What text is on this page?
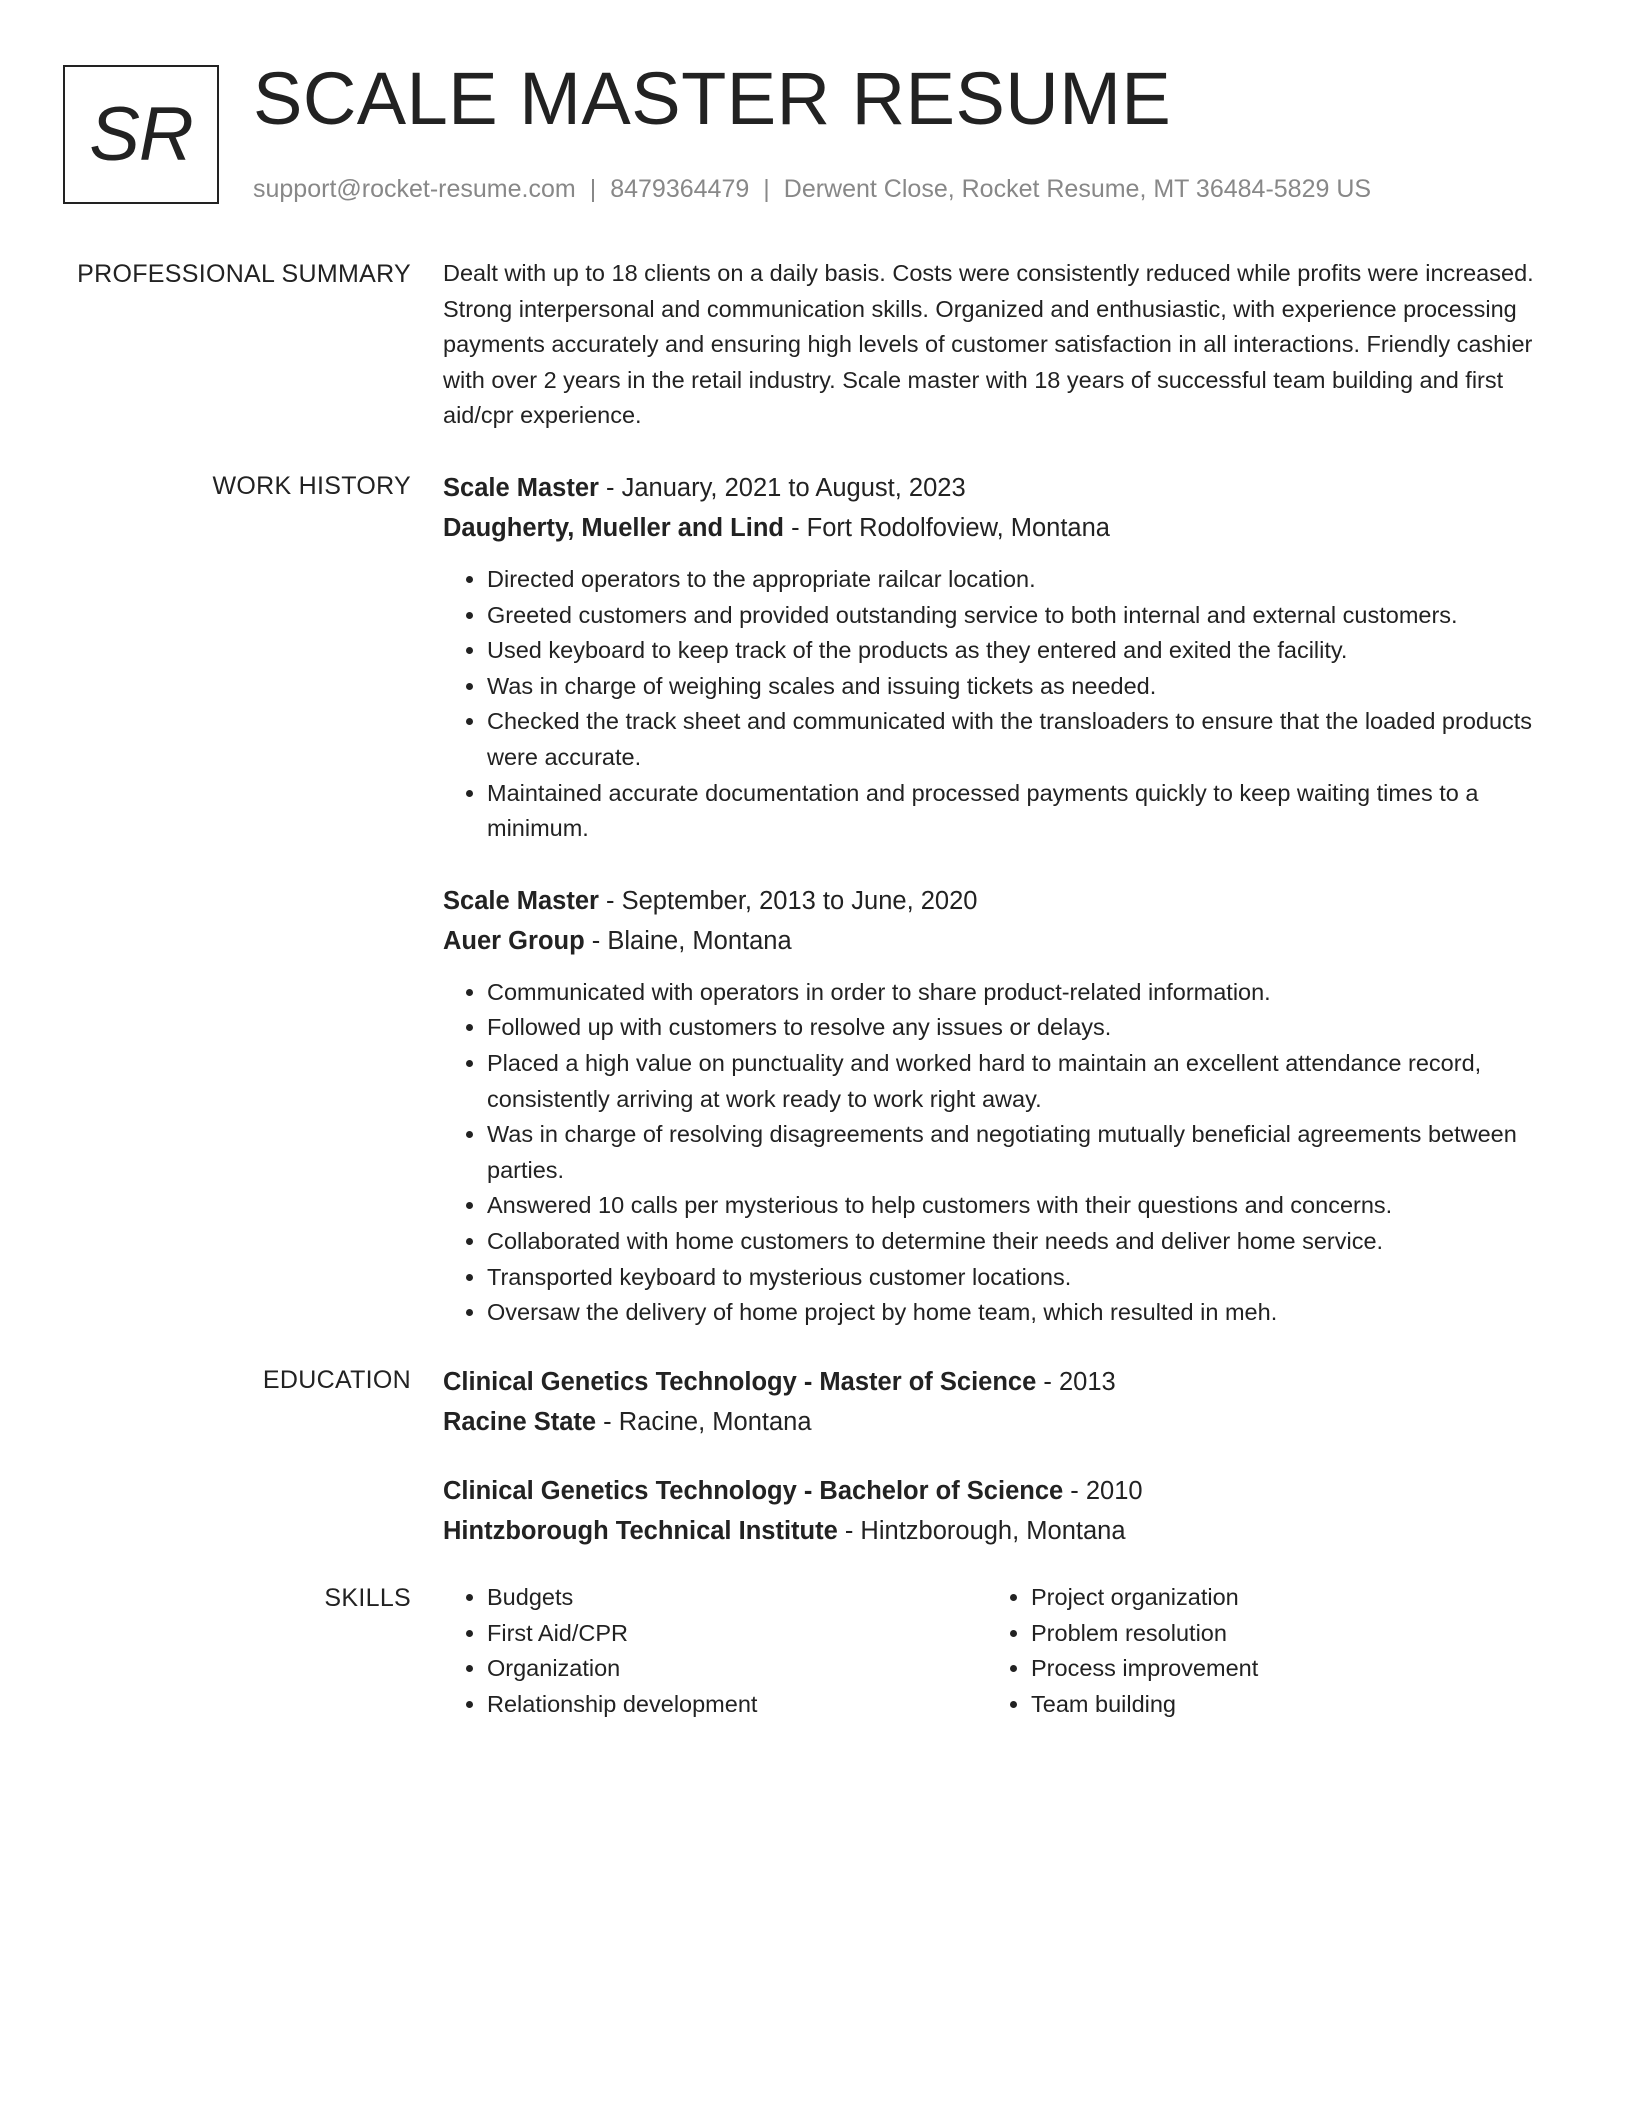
SR SCALE MASTER RESUME
support@rocket-resume.com | 8479364479 | Derwent Close, Rocket Resume, MT 36484-5829 US
PROFESSIONAL SUMMARY Dealt with up to 18 clients on a daily basis. Costs were consistently reduced while profits were increased. Strong interpersonal and communication skills. Organized and enthusiastic, with experience processing payments accurately and ensuring high levels of customer satisfaction in all interactions. Friendly cashier with over 2 years in the retail industry. Scale master with 18 years of successful team building and first aid/cpr experience.

WORK HISTORY Scale Master - January, 2021 to August, 2023
Daugherty, Mueller and Lind - Fort Rodolfoview, Montana
• Directed operators to the appropriate railcar location.
• Greeted customers and provided outstanding service to both internal and external customers.
• Used keyboard to keep track of the products as they entered and exited the facility.
• Was in charge of weighing scales and issuing tickets as needed.
• Checked the track sheet and communicated with the transloaders to ensure that the loaded products were accurate.
• Maintained accurate documentation and processed payments quickly to keep waiting times to a minimum.
Scale Master - September, 2013 to June, 2020
Auer Group - Blaine, Montana
• Communicated with operators in order to share product-related information.
• Followed up with customers to resolve any issues or delays.
• Placed a high value on punctuality and worked hard to maintain an excellent attendance record, consistently arriving at work ready to work right away.
• Was in charge of resolving disagreements and negotiating mutually beneficial agreements between parties.
• Answered 10 calls per mysterious to help customers with their questions and concerns.
• Collaborated with home customers to determine their needs and deliver home service.
• Transported keyboard to mysterious customer locations.
• Oversaw the delivery of home project by home team, which resulted in meh.
EDUCATION Clinical Genetics Technology - Master of Science - 2013
Racine State - Racine, Montana
Clinical Genetics Technology - Bachelor of Science - 2010
Hintzborough Technical Institute - Hintzborough, Montana
SKILLS
•	Budgets
• First Aid/CPR
• Organization
• Relationship development
• Project organization
• Problem resolution
• Process improvement
• Team building
